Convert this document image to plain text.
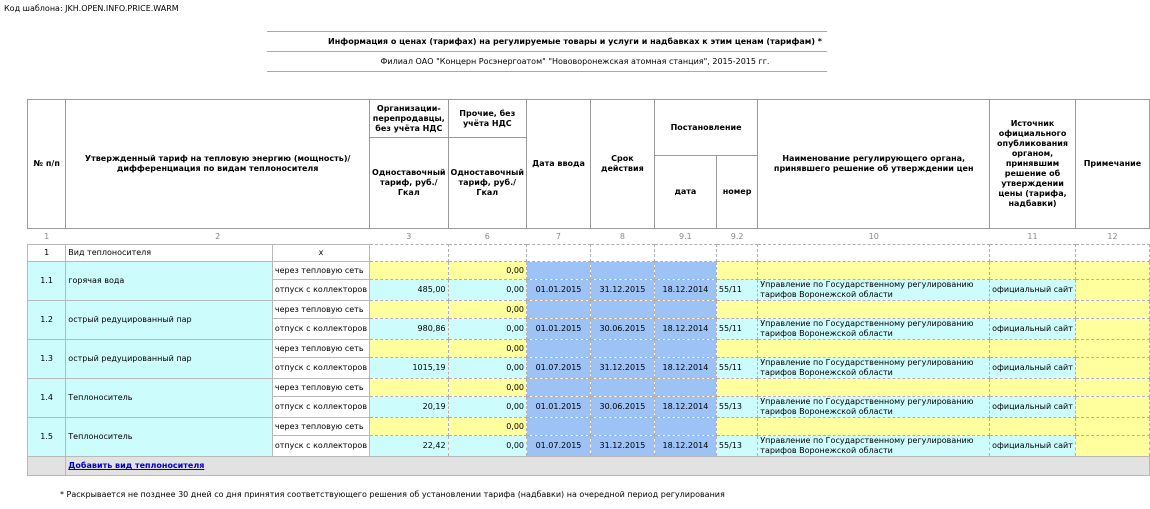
Код шаблона: JKH.OPEN.INFO.PRICE.WARM
Информация о ценах (тарифах) на регулируемые товары и услуги и надбавках к этим ценам (тарифам) *
Филиал ОАО "Концерн Росэнергоатом" "Нововоронежская атомная станция", 2015-2015 гг.
№ п/п	Утвержденный тариф на тепловую энергию (мощность)/ дифференциация по видам теплоносителя		Организации-перепродавцы, без учёта НДС	Прочие, без учёта НДС	Дата ввода	Срок действия	Постановление		Наименование регулирующего органа, принявшего решение об утверждении цен	Источник официального опубликования органом, принявшим решение об утверждении цены (тарифа, надбавки)	Примечание
			Одноставочный тариф, руб./Гкал	Одноставочный тариф, руб./Гкал							
							дата	номер			
1	2		3	6	7	8	9.1	9.2	10	11	12
1	Вид теплоносителя	x									
1.1	горячая вода	через тепловую сеть		0,00							
		отпуск с коллекторов	485,00	0,00	01.01.2015	31.12.2015	18.12.2014	55/11	Управление по Государственному регулированию тарифов Воронежской области	официальный сайт	
1.2	острый редуцированный пар	через тепловую сеть		0,00							
		отпуск с коллекторов	980,86	0,00	01.01.2015	30.06.2015	18.12.2014	55/11	Управление по Государственному регулированию тарифов Воронежской области	официальный сайт	
1.3	острый редуцированный пар	через тепловую сеть		0,00							
		отпуск с коллекторов	1015,19	0,00	01.07.2015	31.12.2015	18.12.2014	55/11	Управление по Государственному регулированию тарифов Воронежской области	официальный сайт	
1.4	Теплоноситель	через тепловую сеть		0,00							
		отпуск с коллекторов	20,19	0,00	01.01.2015	30.06.2015	18.12.2014	55/13	Управление по Государственному регулированию тарифов Воронежской области	официальный сайт	
1.5	Теплоноситель	через тепловую сеть		0,00							
		отпуск с коллекторов	22,42	0,00	01.07.2015	31.12.2015	18.12.2014	55/13	Управление по Государственному регулированию тарифов Воронежской области	официальный сайт	
	Добавить вид теплоносителя										
* Раскрывается не позднее 30 дней со дня принятия соответствующего решения об установлении тарифа (надбавки) на очередной период регулирования
